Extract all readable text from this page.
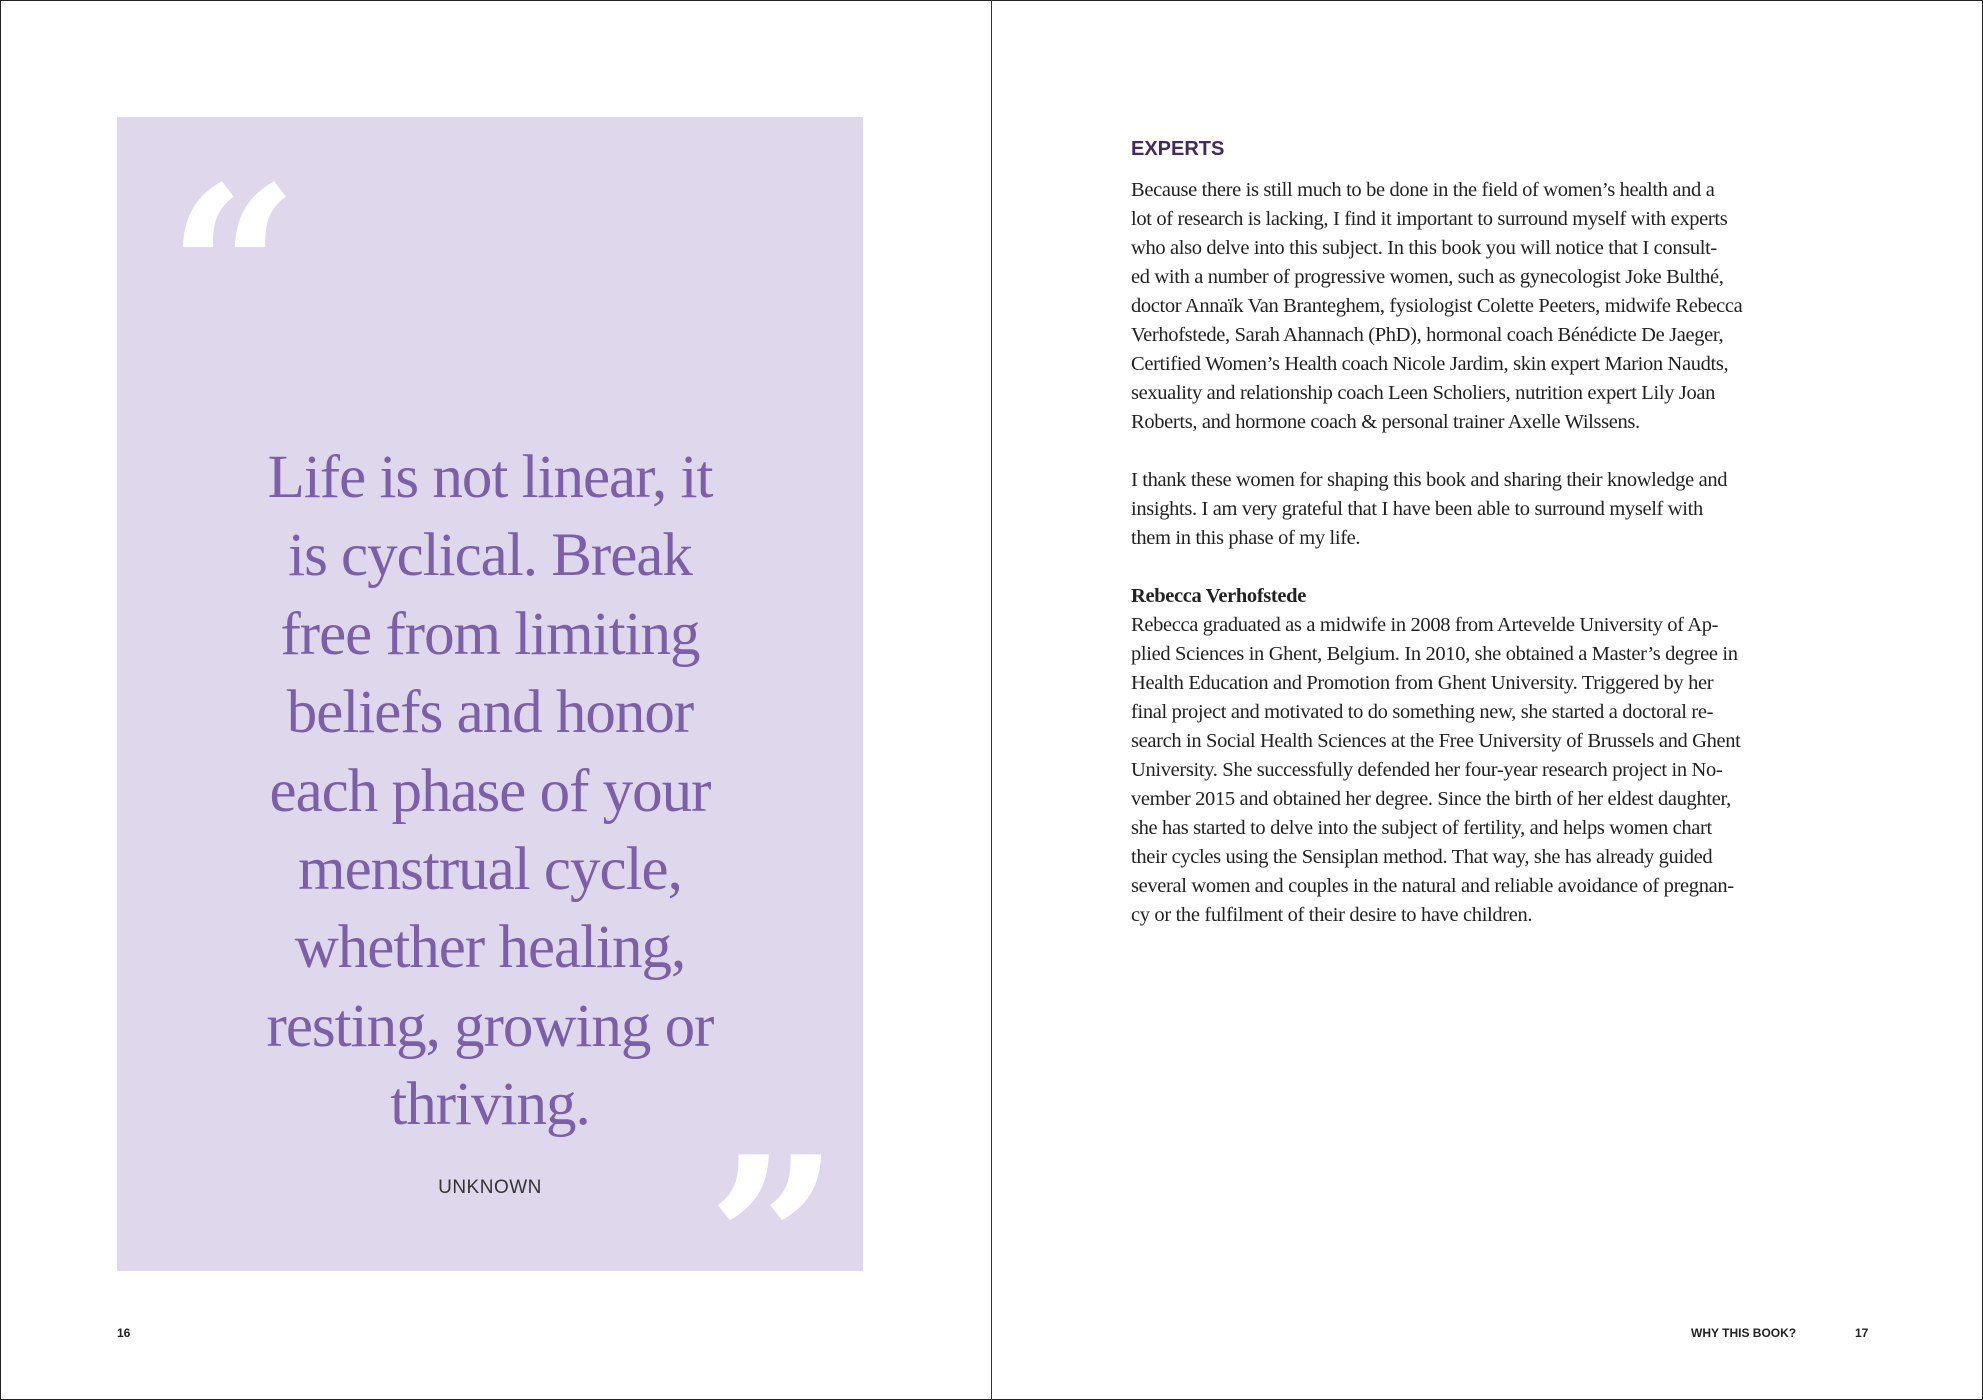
“
Life is not linear, it
is cyclical. Break
free from limiting
beliefs and honor
each phase of your
menstrual cycle,
whether healing,
resting, growing or
thriving.
UNKNOWN ”
16
EXPERTS
Because there is still much to be done in the field of women’s health and a
lot of research is lacking, I find it important to surround myself with experts
who also delve into this subject. In this book you will notice that I consult-
ed with a number of progressive women, such as gynecologist Joke Bulthé,
doctor Annaïk Van Branteghem, fysiologist Colette Peeters, midwife Rebecca
Verhofstede, Sarah Ahannach (PhD), hormonal coach Bénédicte De Jaeger,
Certified Women’s Health coach Nicole Jardim, skin expert Marion Naudts,
sexuality and relationship coach Leen Scholiers, nutrition expert Lily Joan
Roberts, and hormone coach & personal trainer Axelle Wilssens.
I thank these women for shaping this book and sharing their knowledge and
insights. I am very grateful that I have been able to surround myself with
them in this phase of my life.
Rebecca Verhofstede
Rebecca graduated as a midwife in 2008 from Artevelde University of Ap-
plied Sciences in Ghent, Belgium. In 2010, she obtained a Master’s degree in
Health Education and Promotion from Ghent University. Triggered by her
final project and motivated to do something new, she started a doctoral re-
search in Social Health Sciences at the Free University of Brussels and Ghent
University. She successfully defended her four-year research project in No-
vember 2015 and obtained her degree. Since the birth of her eldest daughter,
she has started to delve into the subject of fertility, and helps women chart
their cycles using the Sensiplan method. That way, she has already guided
several women and couples in the natural and reliable avoidance of pregnan-
cy or the fulfilment of their desire to have children.
WHY THIS BOOK?	17
